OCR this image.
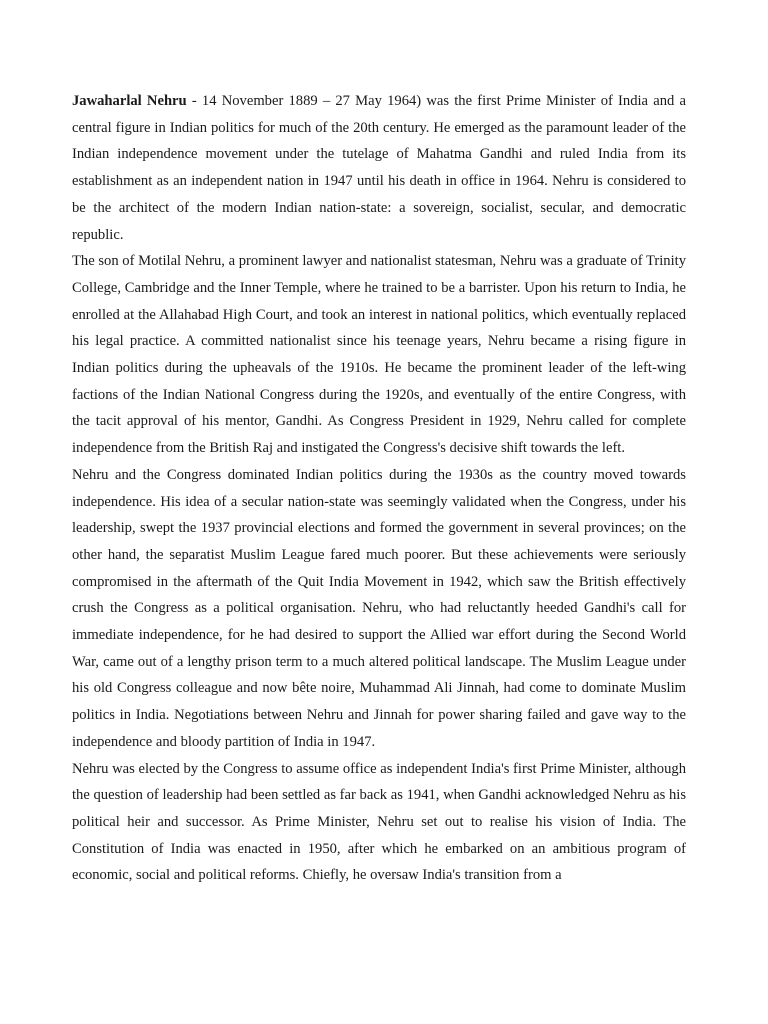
Jawaharlal Nehru - 14 November 1889 – 27 May 1964) was the first Prime Minister of India and a central figure in Indian politics for much of the 20th century. He emerged as the paramount leader of the Indian independence movement under the tutelage of Mahatma Gandhi and ruled India from its establishment as an independent nation in 1947 until his death in office in 1964. Nehru is considered to be the architect of the modern Indian nation-state: a sovereign, socialist, secular, and democratic republic.

The son of Motilal Nehru, a prominent lawyer and nationalist statesman, Nehru was a graduate of Trinity College, Cambridge and the Inner Temple, where he trained to be a barrister. Upon his return to India, he enrolled at the Allahabad High Court, and took an interest in national politics, which eventually replaced his legal practice. A committed nationalist since his teenage years, Nehru became a rising figure in Indian politics during the upheavals of the 1910s. He became the prominent leader of the left-wing factions of the Indian National Congress during the 1920s, and eventually of the entire Congress, with the tacit approval of his mentor, Gandhi. As Congress President in 1929, Nehru called for complete independence from the British Raj and instigated the Congress's decisive shift towards the left.

Nehru and the Congress dominated Indian politics during the 1930s as the country moved towards independence. His idea of a secular nation-state was seemingly validated when the Congress, under his leadership, swept the 1937 provincial elections and formed the government in several provinces; on the other hand, the separatist Muslim League fared much poorer. But these achievements were seriously compromised in the aftermath of the Quit India Movement in 1942, which saw the British effectively crush the Congress as a political organisation. Nehru, who had reluctantly heeded Gandhi's call for immediate independence, for he had desired to support the Allied war effort during the Second World War, came out of a lengthy prison term to a much altered political landscape. The Muslim League under his old Congress colleague and now bête noire, Muhammad Ali Jinnah, had come to dominate Muslim politics in India. Negotiations between Nehru and Jinnah for power sharing failed and gave way to the independence and bloody partition of India in 1947.

Nehru was elected by the Congress to assume office as independent India's first Prime Minister, although the question of leadership had been settled as far back as 1941, when Gandhi acknowledged Nehru as his political heir and successor. As Prime Minister, Nehru set out to realise his vision of India. The Constitution of India was enacted in 1950, after which he embarked on an ambitious program of economic, social and political reforms. Chiefly, he oversaw India's transition from a
